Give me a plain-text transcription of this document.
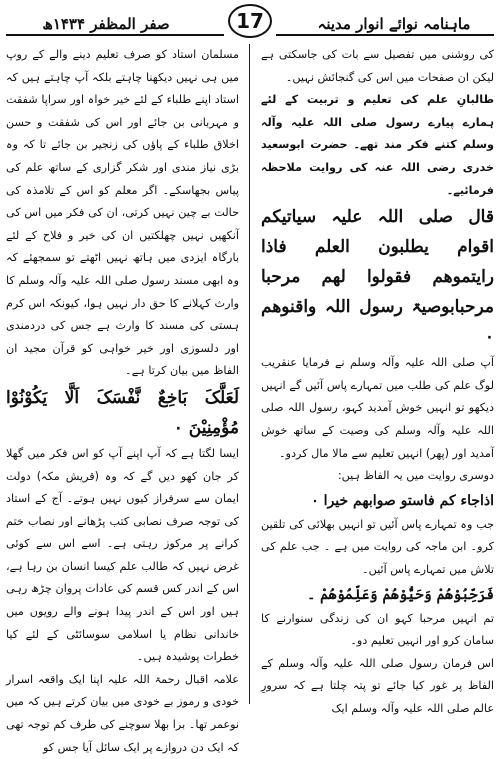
صفر المظفر ۱۴۳۴ھ	17	ماہنامہ نوائے انوار مدینہ

کی روشنی میں تفصیل سے بات کی جاسکتی ہے لیکن ان صفحات میں اس کی گنجائش نہیں۔

طالبانِ علم کی تعلیم و تربیت کے لئے ہمارے پیارے رسول صلی اللہ علیہ وآلہ وسلم کتنے فکر مند تھے۔ حضرت ابوسعید خدری رضی اللہ عنہ کی روایت ملاحظہ فرمائیے۔

قال صلی اللہ علیہ سیاتیکم اقوام یطلبون العلم فاذا رایتموھم فقولوا لھم مرحبا مرحبابوصیۃ رسول اللہ واقنوھم ۰

آپ صلی اللہ علیہ وآلہ وسلم نے فرمایا عنقریب لوگ علم کی طلب میں تمہارے پاس آئیں گے انہیں دیکھو تو انہیں خوش آمدید کہو، رسول اللہ صلی اللہ علیہ وآلہ وسلم کی وصیت کے ساتھ خوش آمدید اور (پھر) انہیں تعلیم سے مالا مال کردو۔

دوسری روایت میں یہ الفاظ ہیں:

اذاجاء کم فاستو صوابھم خیرا ۰

جب وہ تمہارے پاس آئیں تو انہیں بھلائی کی تلقین کرو۔ ابن ماجہ کی روایت میں ہے ۔ جب علم کی تلاش میں تمہارے پاس آئیں۔

فَرَحِّبُوْھُمْ وَحَیُّوْھُمْ وَعَلِّمُوْھُمْ ۔

تم انہیں مرحبا کہو ان کی زندگی سنوارنے کا سامان کرو اور انہیں تعلیم دو۔

اس فرمان رسول صلی اللہ علیہ وآلہ وسلم کے الفاظ پر غور کیا جائے تو پتہ چلتا ہے کہ سرورِ عالم صلی اللہ علیہ وآلہ وسلم ایک

مسلمان استاد کو صرف تعلیم دینے والے کے روپ میں ہی نہیں دیکھنا چاہتے بلکہ آپ چاہتے ہیں کہ استاد اپنے طلباء کے لئے خیر خواہ اور سراپا شفقت و مہربانی بن جائے اور اس کی شفقت و حسن اخلاق طلباء کے پاؤں کی زنجیر بن جائے تا کہ وہ بڑی نیاز مندی اور شکر گزاری کے ساتھ علم کی پیاس بجھاسکے۔ اگر معلم کو اس کے تلامذہ کی حالت بے چین نہیں کرتی، ان کی فکر میں اس کی آنکھیں نہیں چھلکتیں ان کی خیر و فلاح کے لئے بارگاہ ایزدی میں ہاتھ نہیں اٹھتے تو سمجھئے کہ وہ ابھی مسند رسول صلی اللہ علیہ وآلہ وسلم کا وارث کہلانے کا حق دار نہیں ہوا، کیونکہ اس کرم ہستی کی مسند کا وارث ہے جس کی دردمندی اور دلسوزی اور خیر خواہی کو قرآن مجید ان الفاظ میں بیان کرتا ہے۔

لَعَلَّکَ بَاخِعٌ نَّفْسَکَ اَلَّا یَکُوْنُوْا مُؤْمِنِیْنَ ۰

ایسا لگتا ہے کہ آپ اپنے آپ کو اس فکر میں گھلا کر جان کھو دیں گے کہ وہ (قریش مکہ) دولت ایمان سے سرفراز کیوں نہیں ہوتے۔ آج کے استاد کی توجہ صرف نصابی کتب پڑھانے اور نصاب ختم کرانے پر مرکوز رہتی ہے۔ اسے اس سے کوئی غرض نہیں کہ طالب علم کیسا انسان بن رہا ہے، اس کے اندر کس قسم کی عادات پروان چڑھ رہی ہیں اور اس کے اندر پیدا ہونے والے رویوں میں خاندانی نظام یا اسلامی سوسائٹی کے لئے کیا خطرات پوشیدہ ہیں۔

علامہ اقبال رحمۃ اللہ علیہ اپنا ایک واقعہ اسرار خودی و رموز بے خودی میں بیان کرتے ہیں کہ میں نوعمر تھا۔ برا بھلا سوچنے کی طرف کم توجہ تھی کہ ایک دن دروازے پر ایک سائل آیا جس کو
